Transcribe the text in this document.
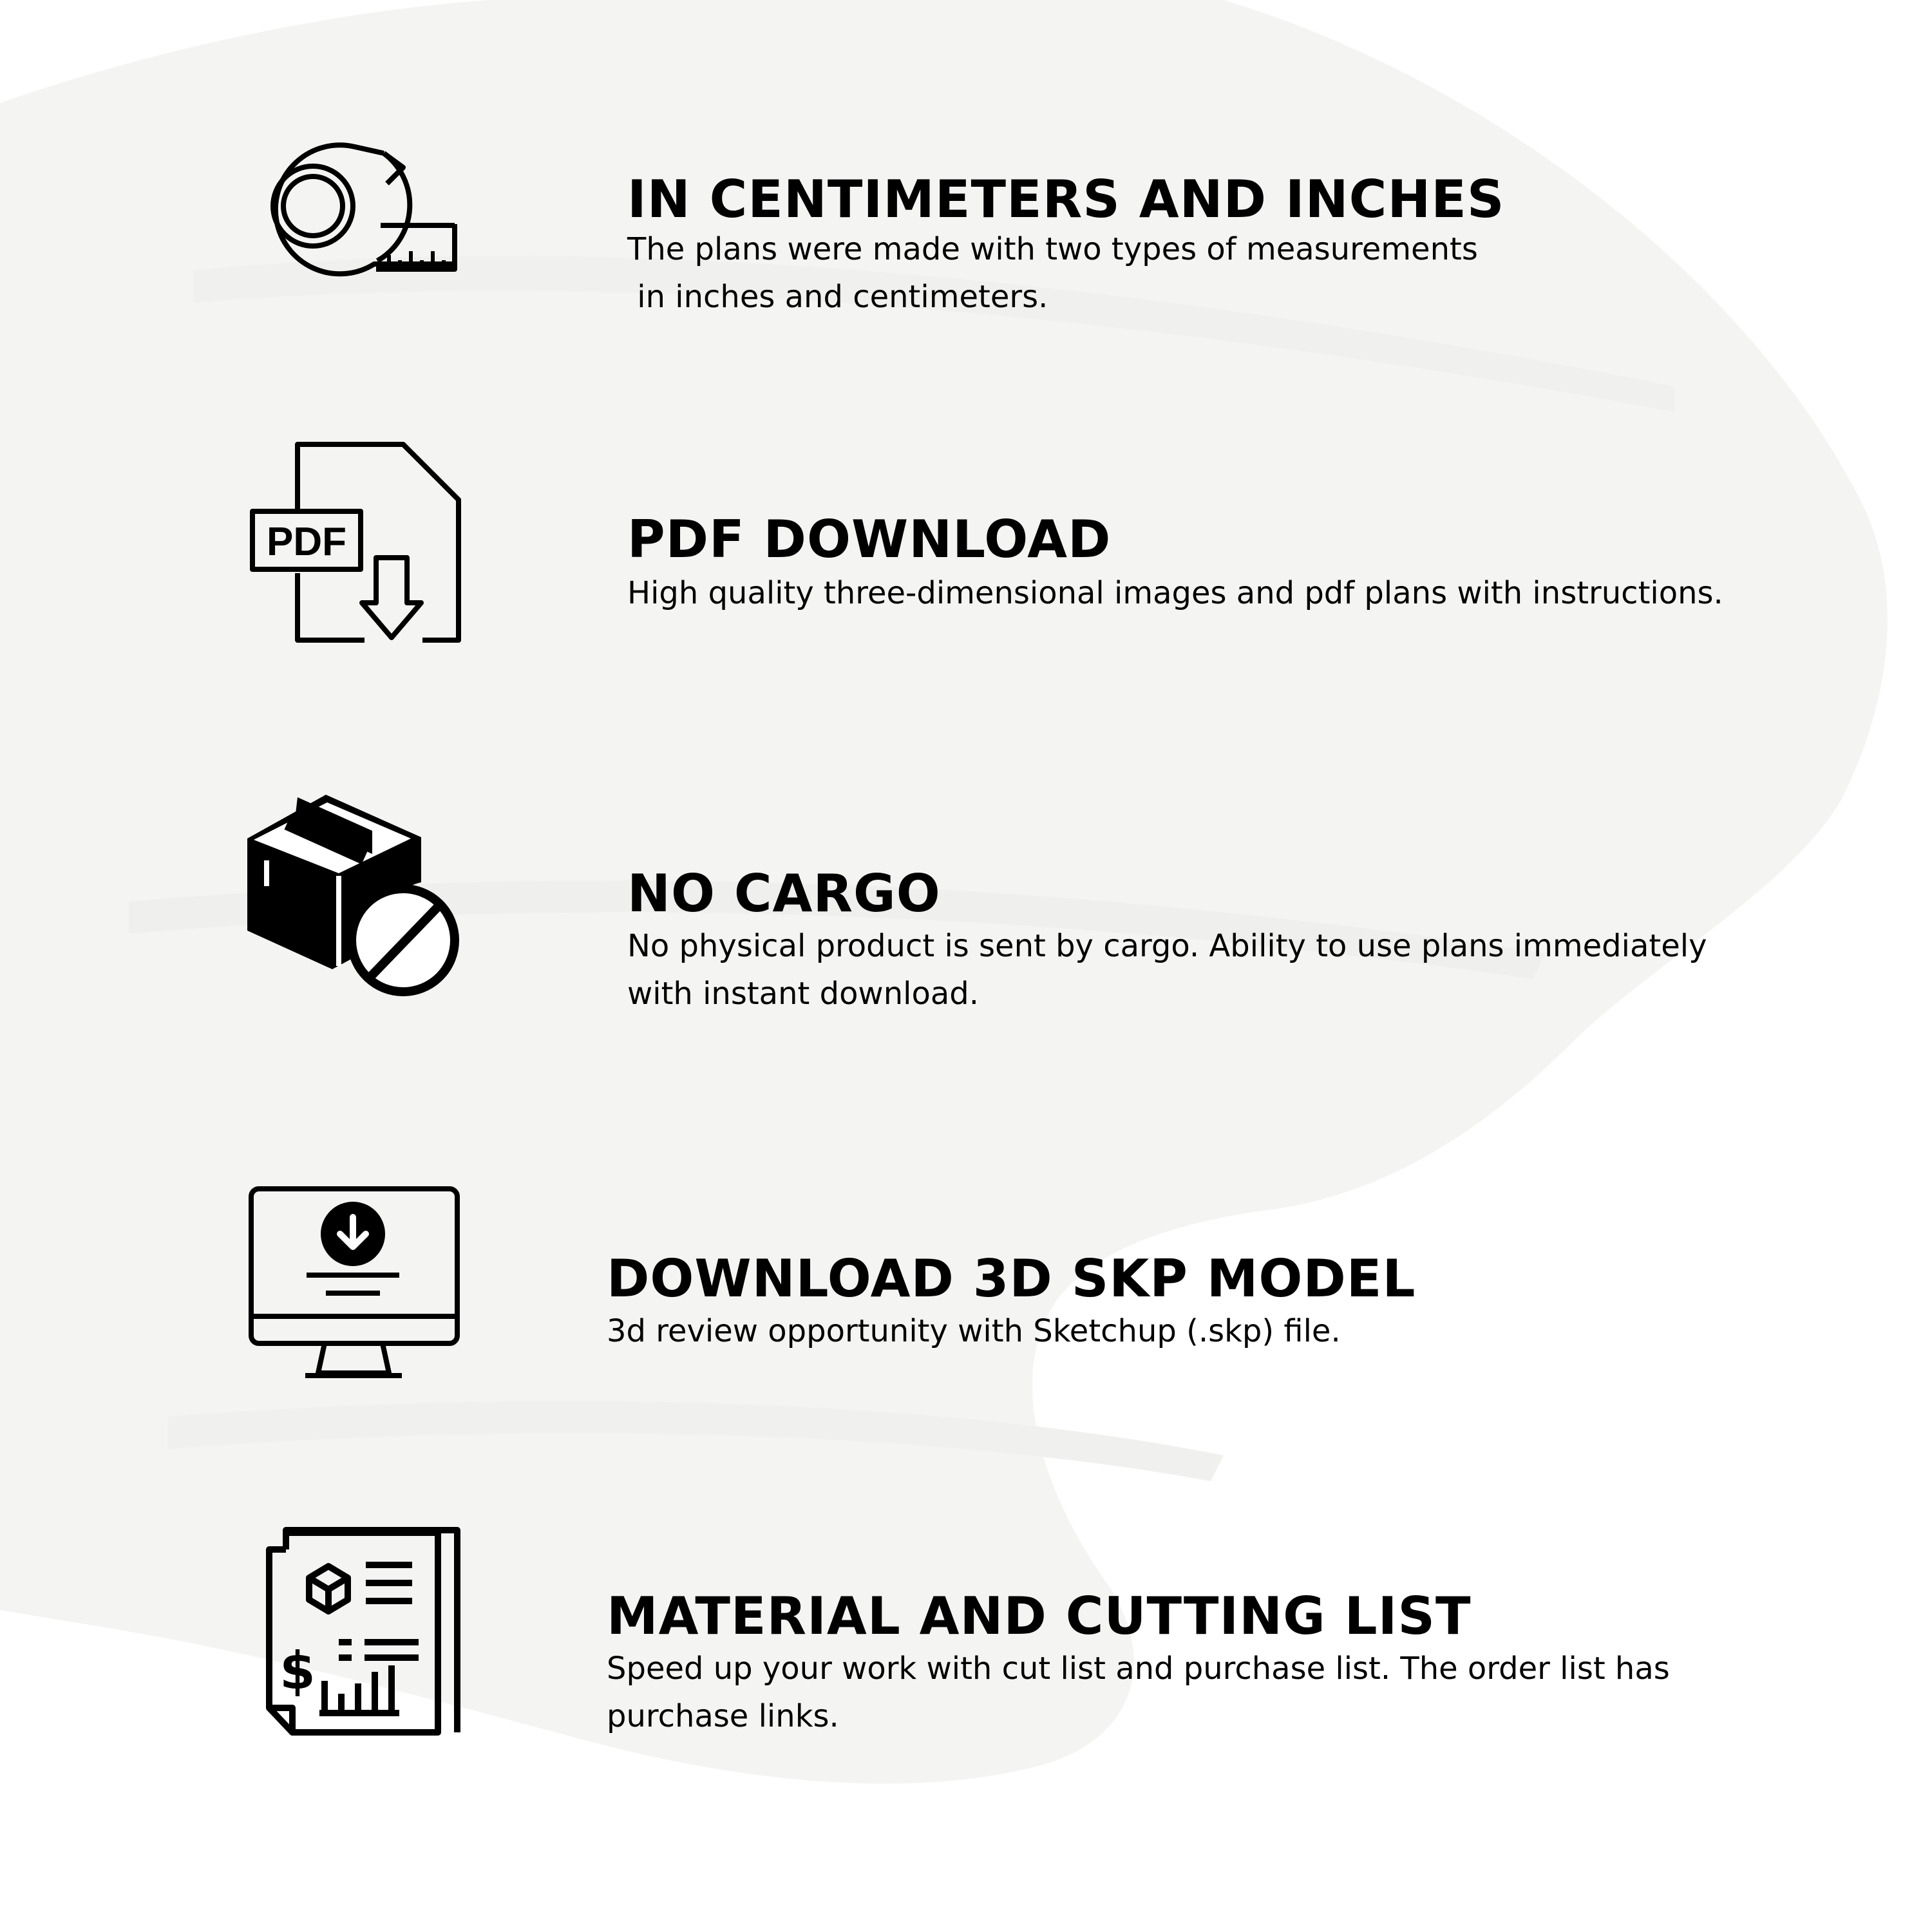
IN CENTIMETERS AND INCHES

The plans were made with two types of measurements
in inches and centimeters.

PDF	PDF DOWNLOAD

High quality three-dimensional images and pdf plans with instructions.

NO CARGO

No physical product is sent by cargo. Ability to use plans immediately
with instant download.

DOWNLOAD 3D SKP MODEL

3d review opportunity with Sketchup (.skp) file.

$
MATERIAL AND CUTTING LIST

Speed up your work with cut list and purchase list. The order list has
purchase links.
